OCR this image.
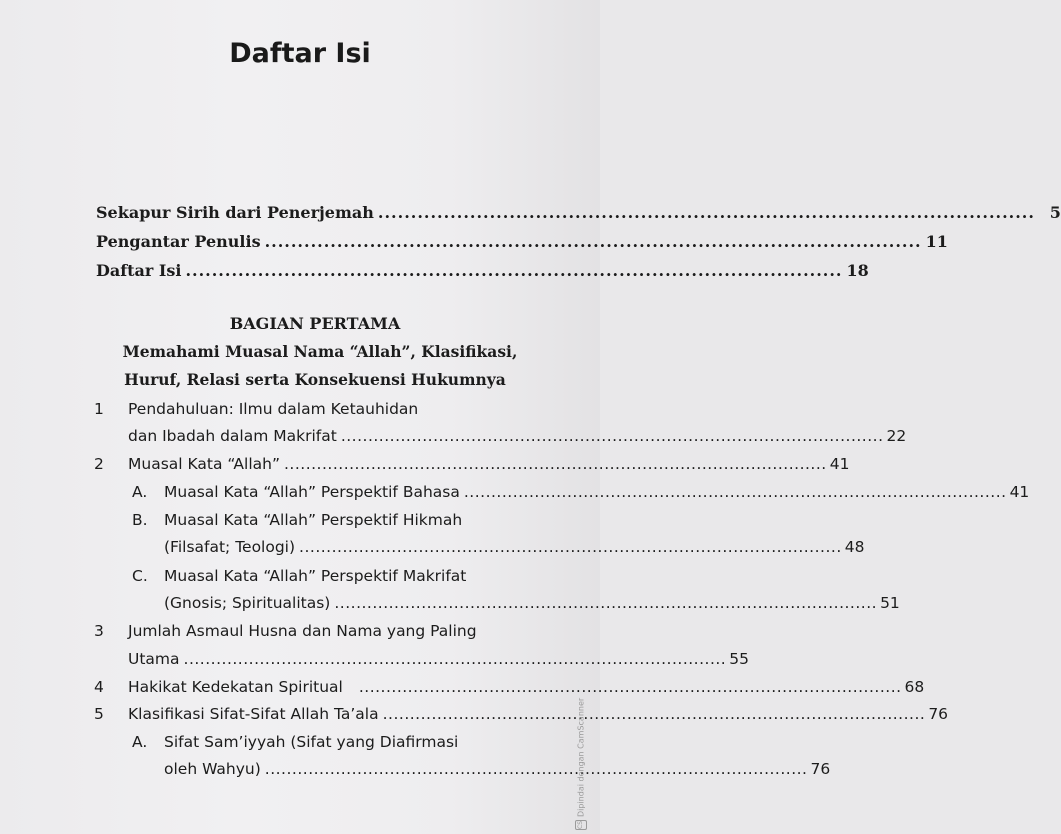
Daftar Isi
Sekapur Sirih dari Penerjemah .................................................................................................... 5
Pengantar Penulis .................................................................................................... 11
Daftar Isi .................................................................................................... 18
BAGIAN PERTAMA
Memahami Muasal Nama “Allah”, Klasifikasi,
Huruf, Relasi serta Konsekuensi Hukumnya
1 Pendahuluan: Ilmu dalam Ketauhidan
dan Ibadah dalam Makrifat .................................................................................................... 22
2 Muasal Kata “Allah” .................................................................................................... 41
A. Muasal Kata “Allah” Perspektif Bahasa .................................................................................................... 41
B. Muasal Kata “Allah” Perspektif Hikmah
(Filsafat; Teologi) .................................................................................................... 48
C. Muasal Kata “Allah” Perspektif Makrifat
(Gnosis; Spiritualitas) .................................................................................................... 51
3 Jumlah Asmaul Husna dan Nama yang Paling
Utama .................................................................................................... 55
4 Hakikat Kedekatan Spiritual .................................................................................................... 68
5 Klasifikasi Sifat-Sifat Allah Ta’ala .................................................................................................... 76
A. Sifat Sam’iyyah (Sifat yang Diafirmasi
oleh Wahyu) .................................................................................................... 76
CS
Dipindai dengan CamScanner
